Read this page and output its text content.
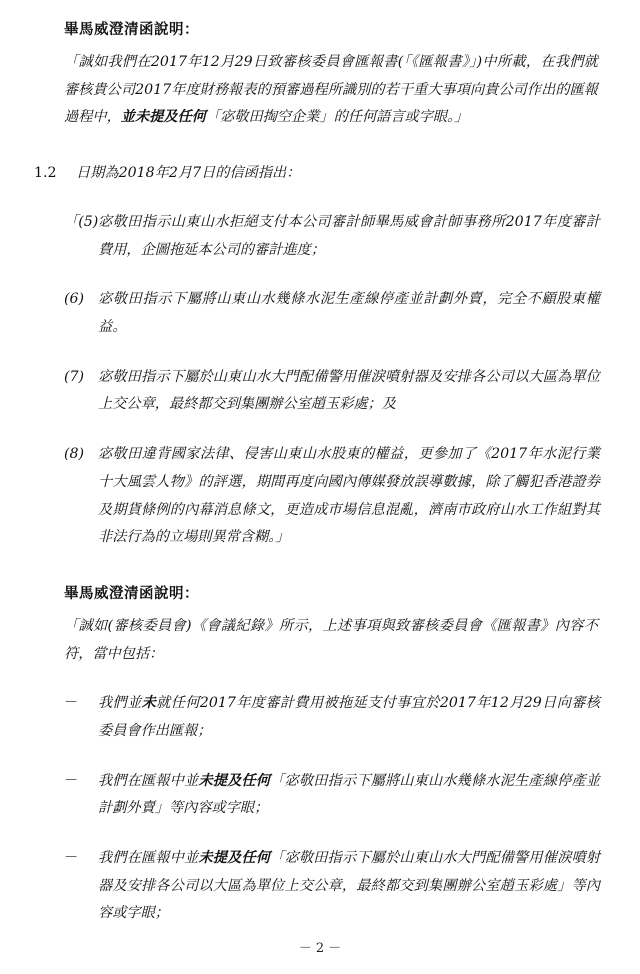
畢馬威澄清函說明：
「誠如我們在2017年12月29日致審核委員會匯報書(「《匯報書》」)中所載，在我們就審核貴公司2017年度財務報表的預審過程所識別的若干重大事項向貴公司作出的匯報過程中，並未提及任何「宓敬田掏空企業」的任何語言或字眼。」
1.2	日期為2018年2月7日的信函指出：
「(5) 宓敬田指示山東山水拒絕支付本公司審計師畢馬威會計師事務所2017年度審計費用，企圖拖延本公司的審計進度；
(6) 宓敬田指示下屬將山東山水幾條水泥生產線停產並計劃外賣，完全不顧股東權益。
(7) 宓敬田指示下屬於山東山水大門配備警用催淚噴射器及安排各公司以大區為單位上交公章，最終都交到集團辦公室趙玉彩處；及
(8) 宓敬田違背國家法律、侵害山東山水股東的權益，更參加了《2017年水泥行業十大風雲人物》的評選，期間再度向國內傳媒發放誤導數據，除了觸犯香港證券及期貨條例的內幕消息條文，更造成市場信息混亂，濟南市政府山水工作組對其非法行為的立場則異常含糊。」
畢馬威澄清函說明：
「誠如(審核委員會)《會議紀錄》所示，上述事項與致審核委員會《匯報書》內容不符，當中包括：
－	我們並未就任何2017年度審計費用被拖延支付事宜於2017年12月29日向審核委員會作出匯報；
－	我們在匯報中並未提及任何「宓敬田指示下屬將山東山水幾條水泥生產線停產並計劃外賣」等內容或字眼；
－	我們在匯報中並未提及任何「宓敬田指示下屬於山東山水大門配備警用催淚噴射器及安排各公司以大區為單位上交公章，最終都交到集團辦公室趙玉彩處」等內容或字眼；
－ 2 －
